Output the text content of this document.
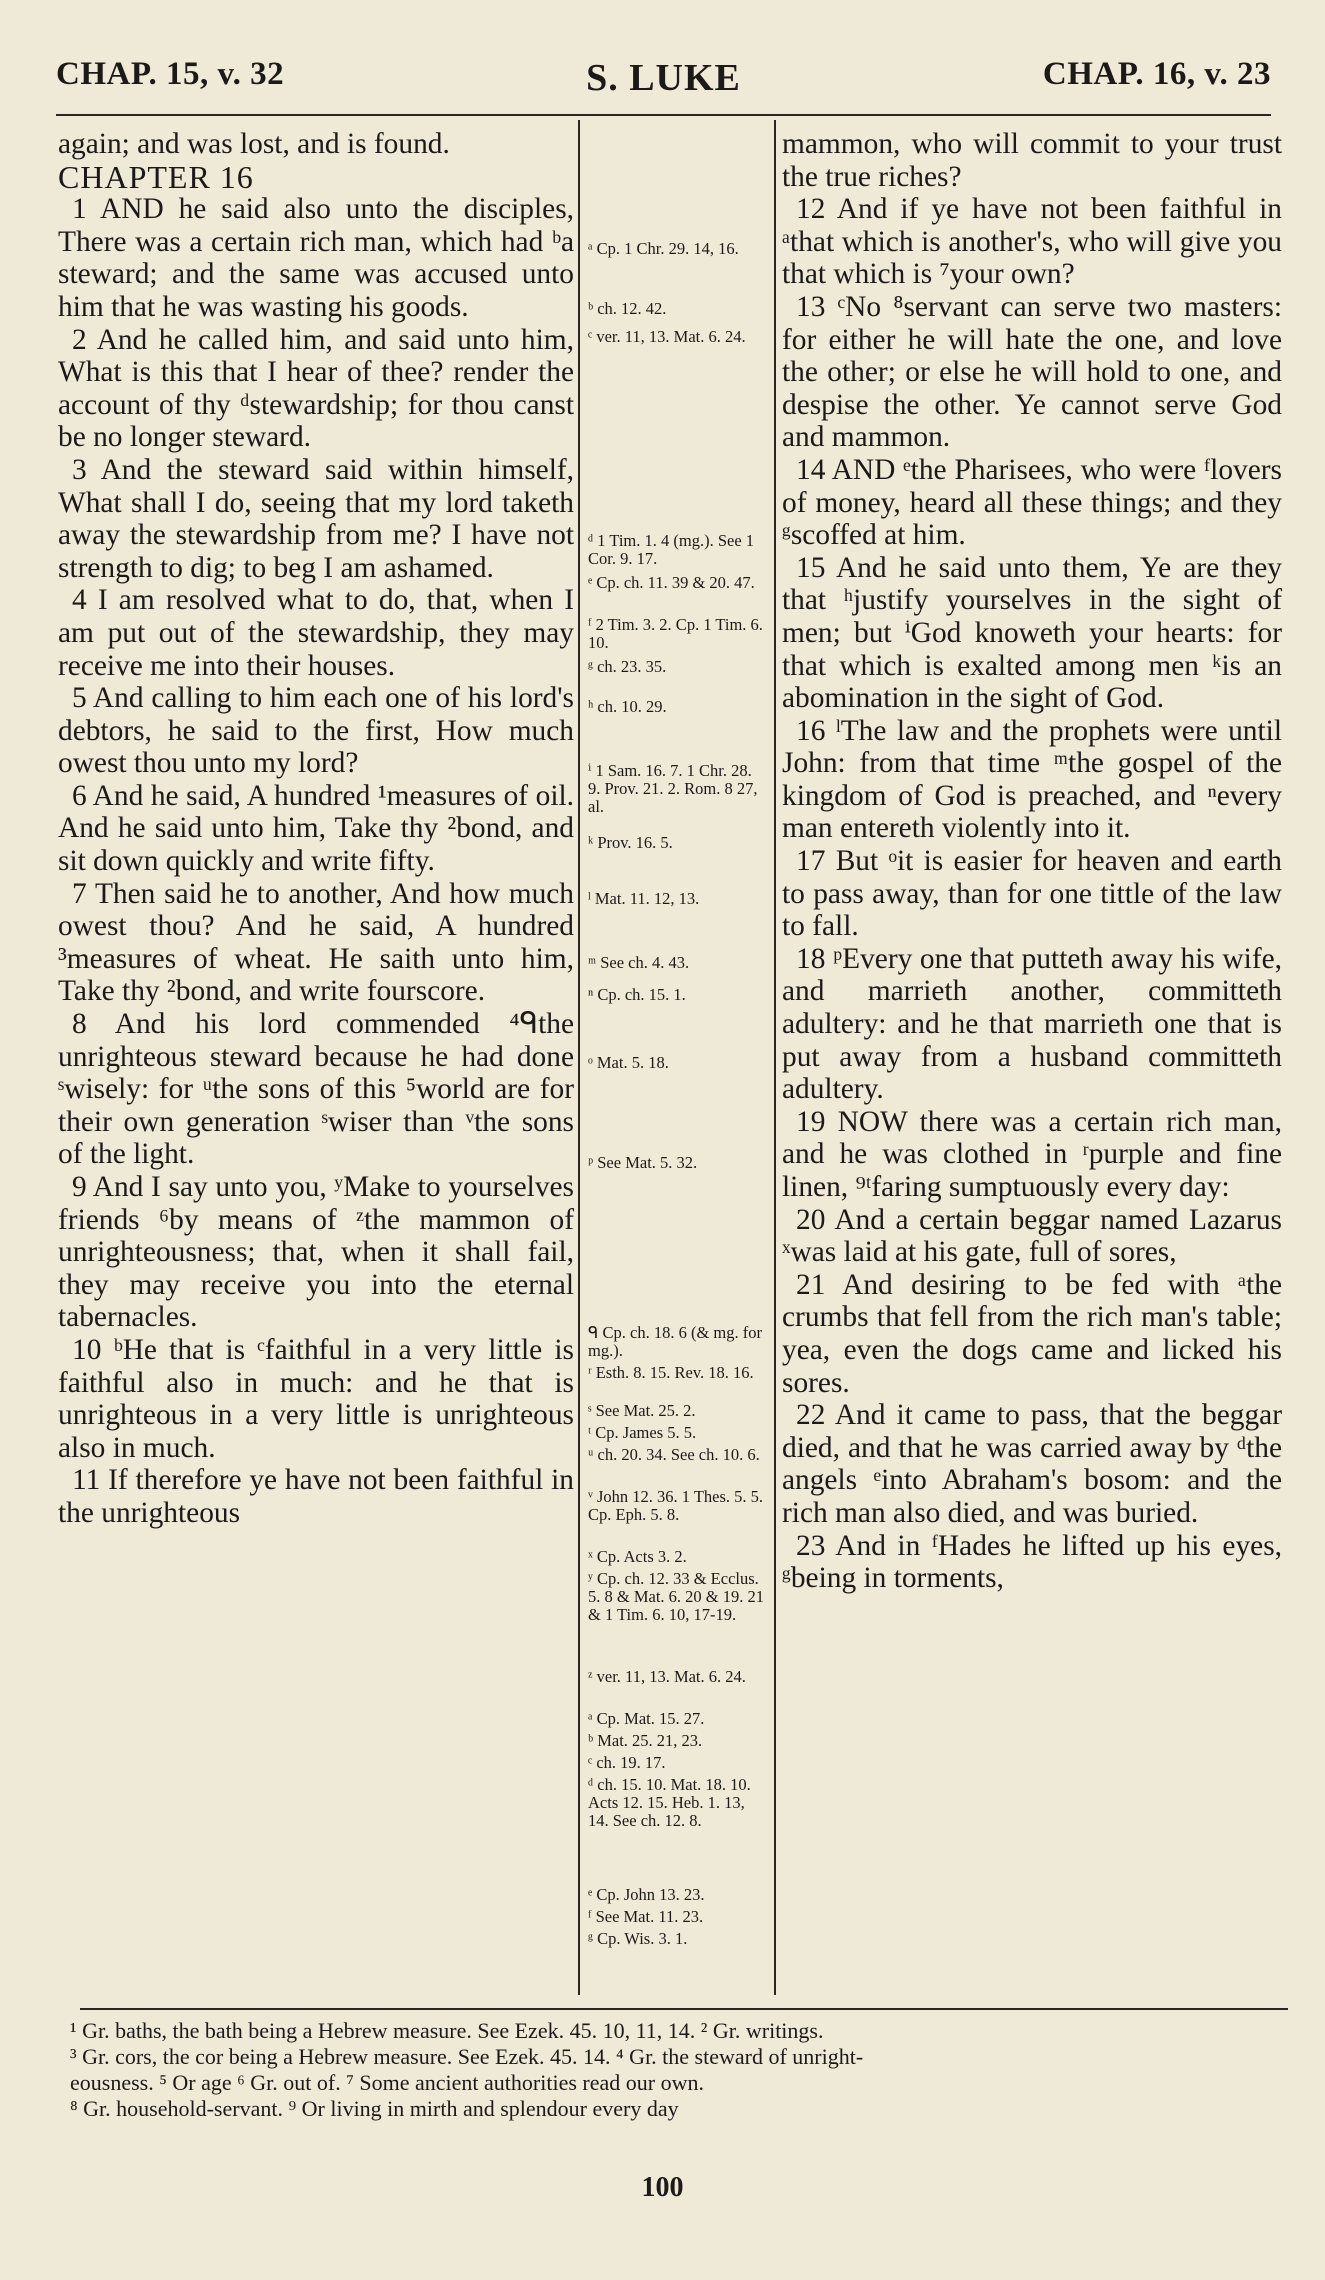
CHAP. 15, v. 32	S. LUKE	CHAP. 16, v. 23

again; and was lost, and is found.

CHAPTER 16

1 AND he said also unto the disciples, There was a certain rich man, which had ᵇa steward; and the same was accused unto him that he was wasting his goods.

2 And he called him, and said unto him, What is this that I hear of thee? render the account of thy ᵈstewardship; for thou canst be no longer steward.

3 And the steward said within himself, What shall I do, seeing that my lord taketh away the stewardship from me? I have not strength to dig; to beg I am ashamed.

4 I am resolved what to do, that, when I am put out of the stewardship, they may receive me into their houses.

5 And calling to him each one of his lord's debtors, he said to the first, How much owest thou unto my lord?

6 And he said, A hundred ¹measures of oil. And he said unto him, Take thy ²bond, and sit down quickly and write fifty.

7 Then said he to another, And how much owest thou? And he said, A hundred ³measures of wheat. He saith unto him, Take thy ²bond, and write fourscore.

8 And his lord commended ⁴ᑫthe unrighteous steward because he had done ˢwisely: for ᵘthe sons of this ⁵world are for their own generation ˢwiser than ᵛthe sons of the light.

9 And I say unto you, ʸMake to yourselves friends ⁶by means of ᶻthe mammon of unrighteousness; that, when it shall fail, they may receive you into the eternal tabernacles.

10 ᵇHe that is ᶜfaithful in a very little is faithful also in much: and he that is unrighteous in a very little is unrighteous also in much.

11 If therefore ye have not been faithful in the unrighteous

ᵃ Cp. 1 Chr. 29. 14, 16.
ᵇ ch. 12. 42.
ᶜ ver. 11, 13. Mat. 6. 24.
ᵈ 1 Tim. 1. 4 (mg.). See 1 Cor. 9. 17.
ᵉ Cp. ch. 11. 39 & 20. 47.
ᶠ 2 Tim. 3. 2. Cp. 1 Tim. 6. 10.
ᵍ ch. 23. 35.
ʰ ch. 10. 29.
ⁱ 1 Sam. 16. 7. 1 Chr. 28. 9. Prov. 21. 2. Rom. 8 27, al.
ᵏ Prov. 16. 5.
ˡ Mat. 11. 12, 13.
ᵐ See ch. 4. 43.
ⁿ Cp. ch. 15. 1.
ᵒ Mat. 5. 18.
ᵖ See Mat. 5. 32.
ᑫ Cp. ch. 18. 6 (& mg. for mg.).
ʳ Esth. 8. 15. Rev. 18. 16.
ˢ See Mat. 25. 2.
ᵗ Cp. James 5. 5.
ᵘ ch. 20. 34. See ch. 10. 6.
ᵛ John 12. 36. 1 Thes. 5. 5. Cp. Eph. 5. 8.
ˣ Cp. Acts 3. 2.
ʸ Cp. ch. 12. 33 & Ecclus. 5. 8 & Mat. 6. 20 & 19. 21 & 1 Tim. 6. 10, 17-19.
ᶻ ver. 11, 13. Mat. 6. 24.
ᵃ Cp. Mat. 15. 27.
ᵇ Mat. 25. 21, 23.
ᶜ ch. 19. 17.
ᵈ ch. 15. 10. Mat. 18. 10. Acts 12. 15. Heb. 1. 13, 14. See ch. 12. 8.
ᵉ Cp. John 13. 23.
ᶠ See Mat. 11. 23.
ᵍ Cp. Wis. 3. 1.

mammon, who will commit to your trust the true riches?

12 And if ye have not been faithful in ᵃthat which is another's, who will give you that which is ⁷your own?

13 ᶜNo ⁸servant can serve two masters: for either he will hate the one, and love the other; or else he will hold to one, and despise the other. Ye cannot serve God and mammon.

14 AND ᵉthe Pharisees, who were ᶠlovers of money, heard all these things; and they ᵍscoffed at him.

15 And he said unto them, Ye are they that ʰjustify yourselves in the sight of men; but ⁱGod knoweth your hearts: for that which is exalted among men ᵏis an abomination in the sight of God.

16 ˡThe law and the prophets were until John: from that time ᵐthe gospel of the kingdom of God is preached, and ⁿevery man entereth violently into it.

17 But ᵒit is easier for heaven and earth to pass away, than for one tittle of the law to fall.

18 ᵖEvery one that putteth away his wife, and marrieth another, committeth adultery: and he that marrieth one that is put away from a husband committeth adultery.

19 NOW there was a certain rich man, and he was clothed in ʳpurple and fine linen, ⁹ᵗfaring sumptuously every day:

20 And a certain beggar named Lazarus ˣwas laid at his gate, full of sores,

21 And desiring to be fed with ᵃthe crumbs that fell from the rich man's table; yea, even the dogs came and licked his sores.

22 And it came to pass, that the beggar died, and that he was carried away by ᵈthe angels ᵉinto Abraham's bosom: and the rich man also died, and was buried.

23 And in ᶠHades he lifted up his eyes, ᵍbeing in torments,

¹ Gr. baths, the bath being a Hebrew measure. See Ezek. 45. 10, 11, 14. ² Gr. writings.
³ Gr. cors, the cor being a Hebrew measure. See Ezek. 45. 14. ⁴ Gr. the steward of unright-
eousness. ⁵ Or age ⁶ Gr. out of. ⁷ Some ancient authorities read our own.
⁸ Gr. household-servant. ⁹ Or living in mirth and splendour every day
100
